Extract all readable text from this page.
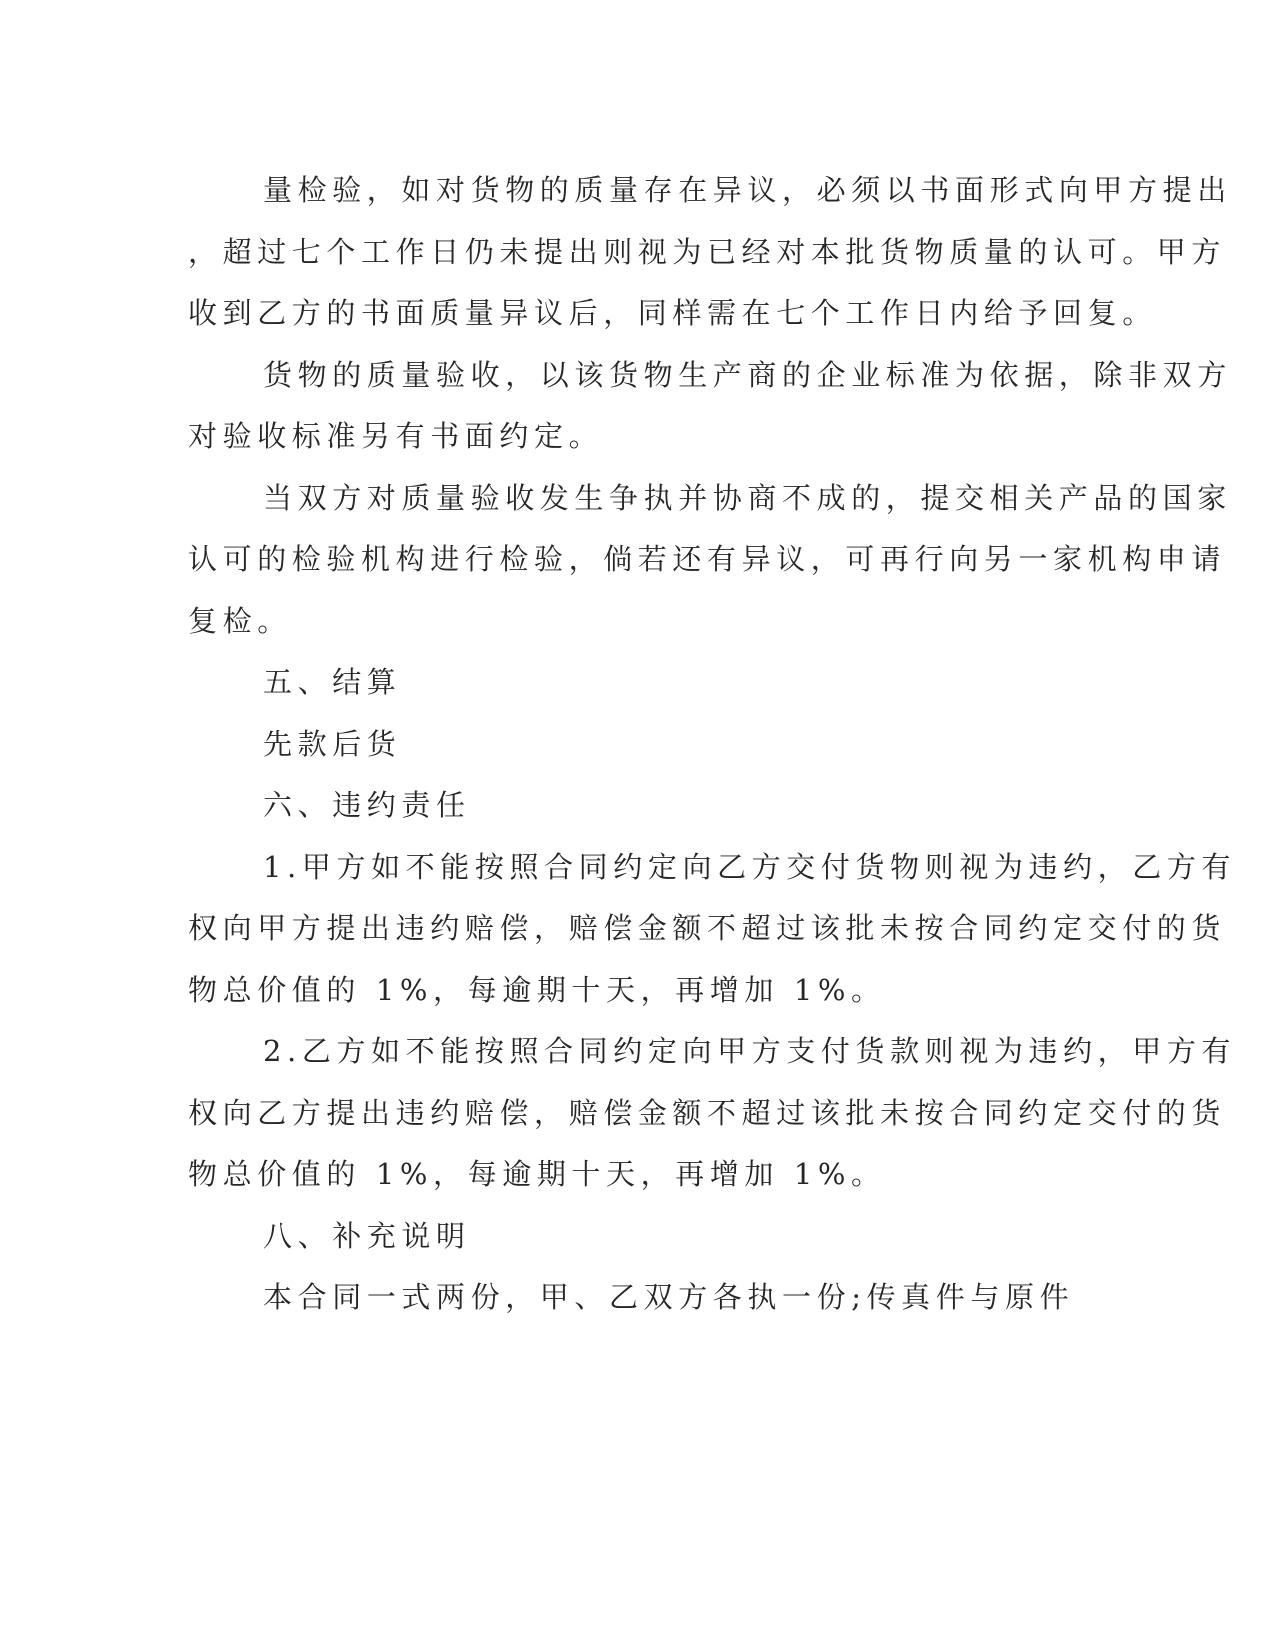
量检验，如对货物的质量存在异议，必须以书面形式向甲方提出
，超过七个工作日仍未提出则视为已经对本批货物质量的认可。甲方
收到乙方的书面质量异议后，同样需在七个工作日内给予回复。
货物的质量验收，以该货物生产商的企业标准为依据，除非双方
对验收标准另有书面约定。
当双方对质量验收发生争执并协商不成的，提交相关产品的国家
认可的检验机构进行检验，倘若还有异议，可再行向另一家机构申请
复检。
五、结算
先款后货
六、违约责任
1.甲方如不能按照合同约定向乙方交付货物则视为违约，乙方有
权向甲方提出违约赔偿，赔偿金额不超过该批未按合同约定交付的货
物总价值的 1%，每逾期十天，再增加 1%。
2.乙方如不能按照合同约定向甲方支付货款则视为违约，甲方有
权向乙方提出违约赔偿，赔偿金额不超过该批未按合同约定交付的货
物总价值的 1%，每逾期十天，再增加 1%。
八、补充说明
本合同一式两份，甲、乙双方各执一份;传真件与原件
